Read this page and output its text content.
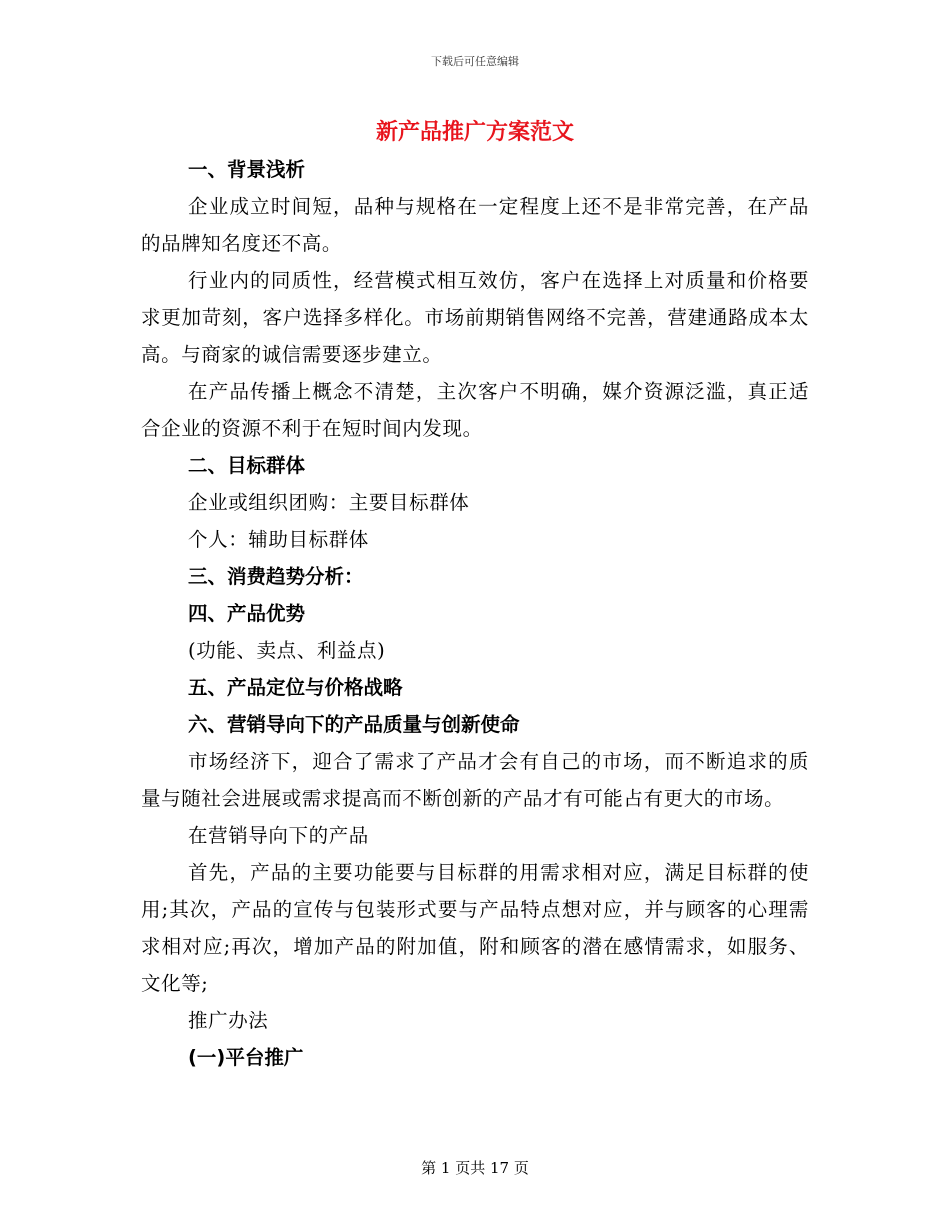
下载后可任意编辑
新产品推广方案范文

一、背景浅析

企业成立时间短，品种与规格在一定程度上还不是非常完善，在产品的品牌知名度还不高。

行业内的同质性，经营模式相互效仿，客户在选择上对质量和价格要求更加苛刻，客户选择多样化。市场前期销售网络不完善，营建通路成本太高。与商家的诚信需要逐步建立。

在产品传播上概念不清楚，主次客户不明确，媒介资源泛滥，真正适合企业的资源不利于在短时间内发现。

二、目标群体

企业或组织团购：主要目标群体

个人：辅助目标群体

三、消费趋势分析：

四、产品优势

(功能、卖点、利益点)

五、产品定位与价格战略

六、营销导向下的产品质量与创新使命

市场经济下，迎合了需求了产品才会有自己的市场，而不断追求的质量与随社会进展或需求提高而不断创新的产品才有可能占有更大的市场。

在营销导向下的产品

首先，产品的主要功能要与目标群的用需求相对应，满足目标群的使用;其次，产品的宣传与包装形式要与产品特点想对应，并与顾客的心理需求相对应;再次，增加产品的附加值，附和顾客的潜在感情需求，如服务、文化等;

推广办法

(一)平台推广

第 1 页共 17 页
